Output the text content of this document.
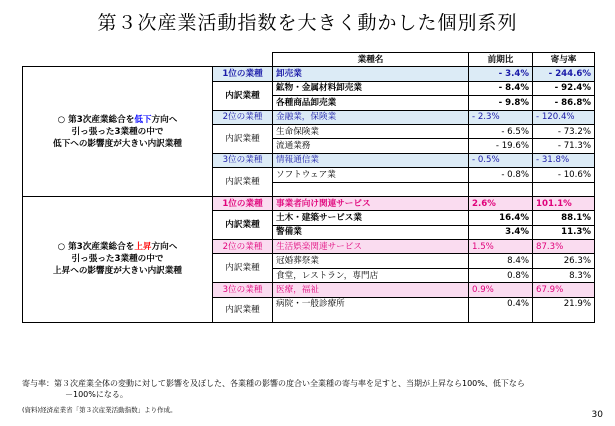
第３次産業活動指数を大きく動かした個別系列
		業種名	前期比	寄与率
○ 第3次産業総合を低下方向へ
引っ張った3業種の中で
低下への影響度が大きい内訳業種	1位の業種	卸売業	- 3.4%	- 244.6%
	内訳業種	鉱物・金属材料卸売業	- 8.4%	- 92.4%
		各種商品卸売業	- 9.8%	- 86.8%
	2位の業種	金融業，保険業	- 2.3%	- 120.4%
	内訳業種	生命保険業	- 6.5%	- 73.2%
		流通業務	- 19.6%	- 71.3%
	3位の業種	情報通信業	- 0.5%	- 31.8%
	内訳業種	ソフトウェア業	- 0.8%	- 10.6%

○ 第3次産業総合を上昇方向へ
引っ張った3業種の中で
上昇への影響度が大きい内訳業種	1位の業種	事業者向け関連サービス	2.6%	101.1%
	内訳業種	土木・建築サービス業	16.4%	88.1%
		警備業	3.4%	11.3%
	2位の業種	生活娯楽関連サービス	1.5%	87.3%
	内訳業種	冠婚葬祭業	8.4%	26.3%
		食堂，レストラン，専門店	0.8%	8.3%
	3位の業種	医療，福祉	0.9%	67.9%
	内訳業種	病院・一般診療所	0.4%	21.9%
寄与率：第３次産業全体の変動に対して影響を及ぼした、各業種の影響の度合い全業種の寄与率を足すと、当期が上昇なら100%、低下なら
－100%になる。
(資料)経済産業省「第３次産業活動指数」より作成。	30
